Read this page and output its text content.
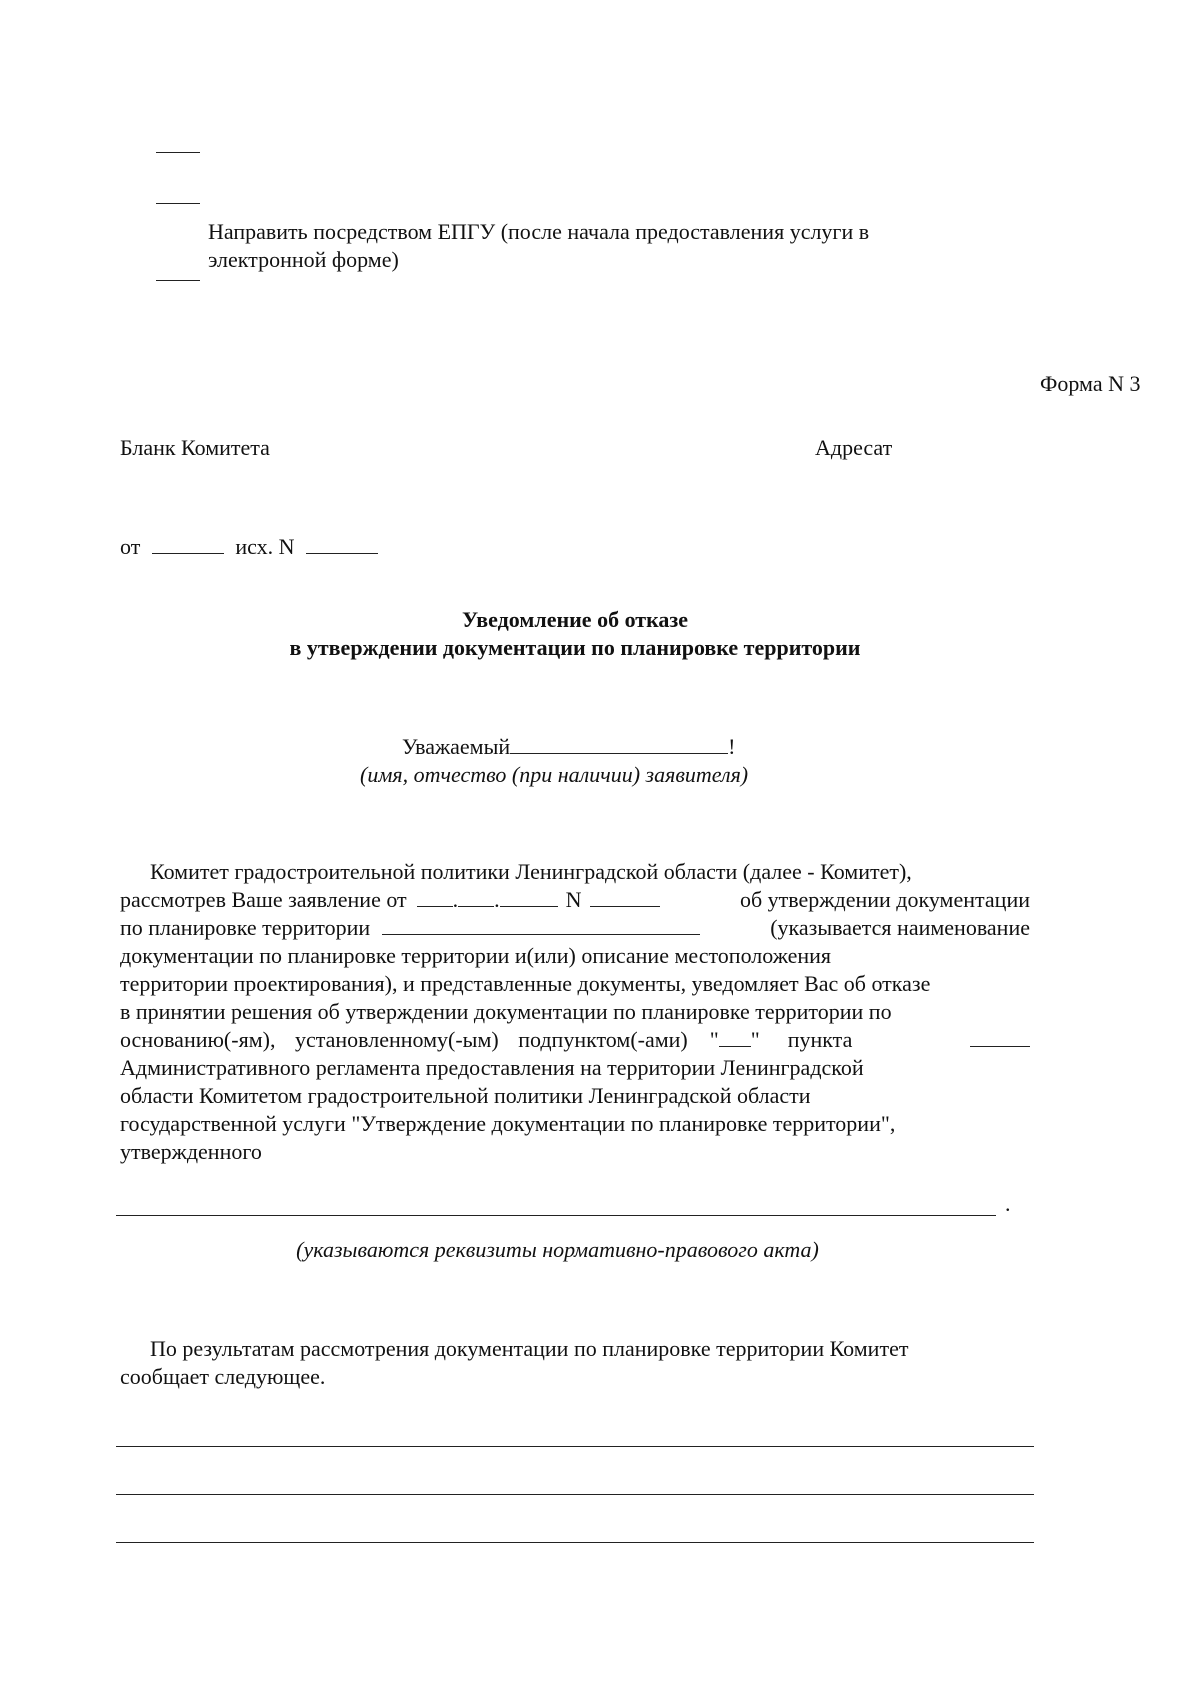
Направить посредством ЕПГУ (после начала предоставления услуги в
электронной форме)
Форма N 3
Бланк Комитета	Адресат
от	исх. N
Уведомление об отказе
в утверждении документации по планировке территории
Уважаемый	!
(имя, отчество (при наличии) заявителя)
Комитет градостроительной политики Ленинградской области (далее - Комитет),
рассмотрев Ваше заявление от . .	N	об утверждении документации
по планировке территории	(указывается наименование
документации по планировке территории и(или) описание местоположения
территории проектирования), и представленные документы, уведомляет Вас об отказе
в принятии решения об утверждении документации по планировке территории по
основанию(-ям), установленному(-ым) подпунктом(-ами) " " пункта
Административного регламента предоставления на территории Ленинградской
области Комитетом градостроительной политики Ленинградской области
государственной услуги "Утверждение документации по планировке территории",
утвержденного
.
(указываются реквизиты нормативно-правового акта)
По результатам рассмотрения документации по планировке территории Комитет
сообщает следующее.
